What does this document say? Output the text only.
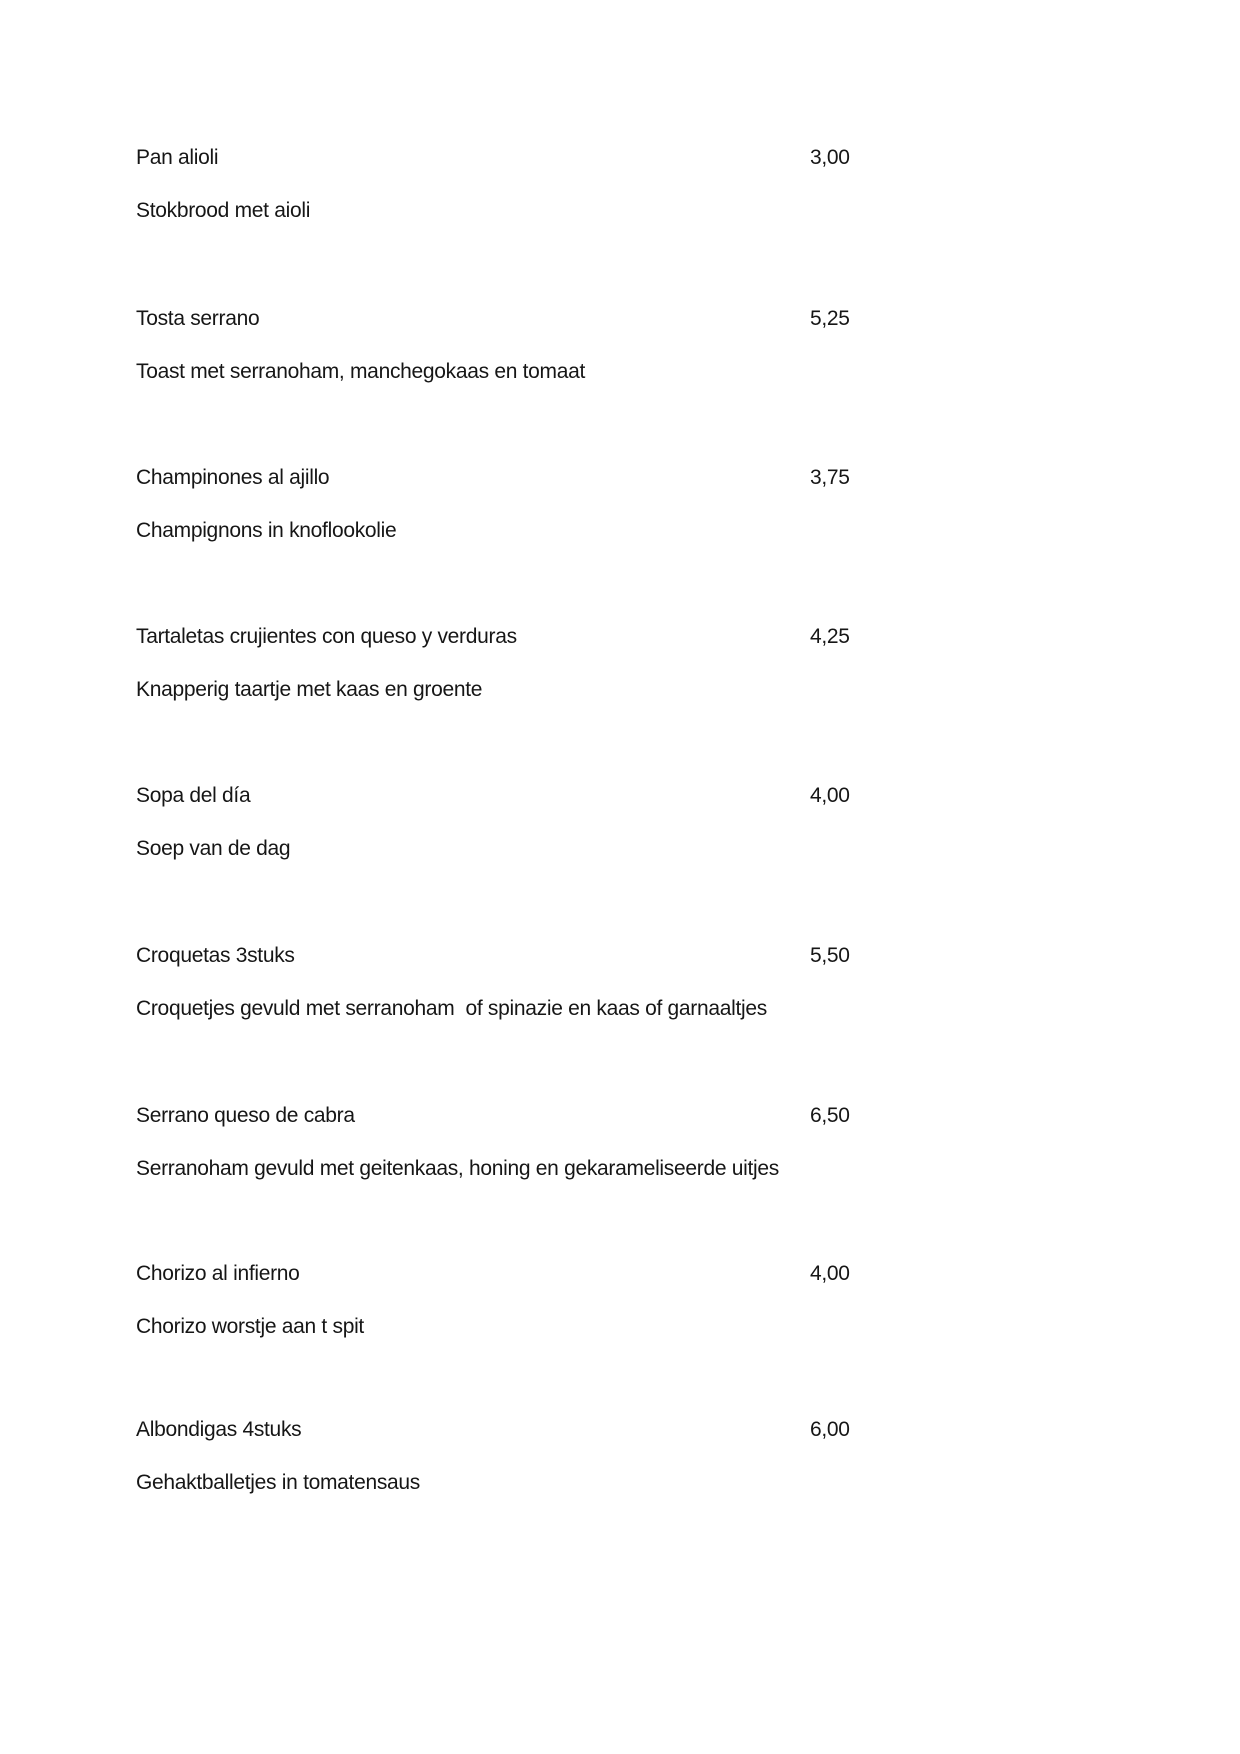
Pan alioli	3,00
Stokbrood met aioli
Tosta serrano	5,25
Toast met serranoham, manchegokaas en tomaat
Champinones al ajillo	3,75
Champignons in knoflookolie
Tartaletas crujientes con queso y verduras	4,25
Knapperig taartje met kaas en groente
Sopa del día	4,00
Soep van de dag
Croquetas 3stuks	5,50
Croquetjes gevuld met serranoham  of spinazie en kaas of garnaaltjes
Serrano queso de cabra	6,50
Serranoham gevuld met geitenkaas, honing en gekarameliseerde uitjes
Chorizo al infierno	4,00
Chorizo worstje aan t spit
Albondigas 4stuks	6,00
Gehaktballetjes in tomatensaus
